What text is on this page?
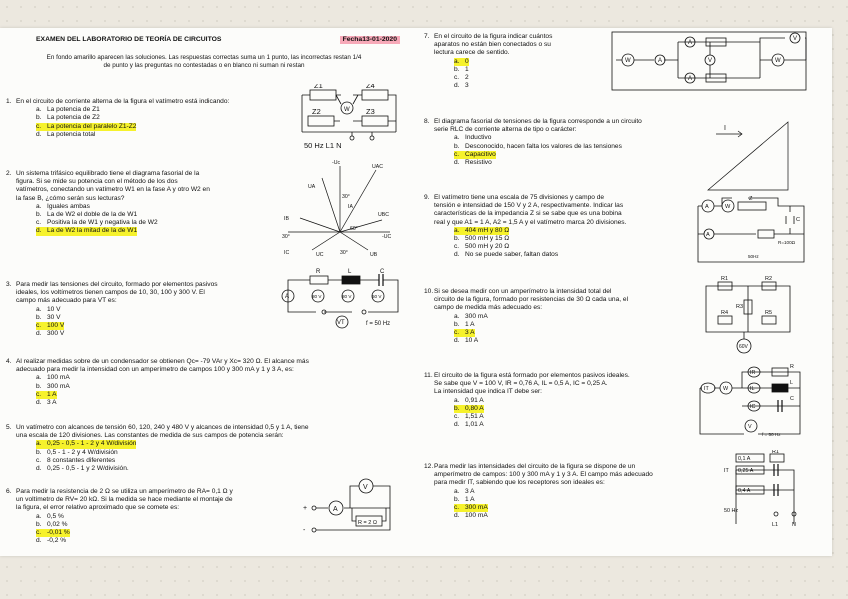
EXAMEN DEL LABORATORIO DE TEORÍA DE CIRCUITOS	Fecha13-01-2020
En fondo amarillo aparecen las soluciones. Las respuestas correctas suma un 1 punto, las incorrectas restan 1/4
de punto y las preguntas no contestadas o en blanco ni suman ni restan
1. En el circuito de corriente alterna de la figura el vatímetro está indicando:
a. La potencia de Z1
b. La potencia de Z2
c. La potencia del paralelo Z1-Z2

d. La potencia total
2. Un sistema trifásico equilibrado tiene el diagrama fasorial de la
figura. Si se mide su potencia con el método de los dos
vatímetros, conectando un vatímetro W1 en la fase A y otro W2 en
la fase B, ¿cómo serán sus lecturas?
a. Iguales ambas
b. La de W2 el doble de la de W1
c. Positiva la de W1 y negativa la de W2
d. La de W2 la mitad de la de W1

3. Para medir las tensiones del circuito, formado por elementos pasivos
ideales, los voltímetros tienen campos de 10, 30, 100 y 300 V. El
campo más adecuado para VT es:
a. 10 V
b. 30 V
c. 100 V

d. 300 V
4. Al realizar medidas sobre de un condensador se obtienen Qc= -79 VAr y Xc= 320 Ω. El alcance más
adecuado para medir la intensidad con un amperímetro de campos 100 y 300 mA y 1 y 3 A, es:
a. 100 mA
b. 300 mA
c. 1 A

d. 3 A
5. Un vatímetro con alcances de tensión 60, 120, 240 y 480 V y alcances de intensidad 0,5 y 1 A, tiene
una escala de 120 divisiones. Las constantes de medida de sus campos de potencia serán:
a. 0,25 - 0,5 - 1 - 2 y 4 W/división

b. 0,5 - 1 - 2 y 4 W/división
c. 8 constantes diferentes
d. 0,25 - 0,5 - 1 y 2 W/división.
6. Para medir la resistencia de 2 Ω se utiliza un amperímetro de RA= 0,1 Ω y
un voltímetro de RV= 20 kΩ. Si la medida se hace mediante el montaje de
la figura, el error relativo aproximado que se comete es:
a. 0,5 %
b. 0,02 %
c. -0,01 %

d. -0,2 %
7. En el circuito de la figura indicar cuántos
aparatos no están bien conectados o su
lectura carece de sentido.
a. 0

b. 1
c. 2
d. 3
8. El diagrama fasorial de tensiones de la figura corresponde a un circuito
serie RLC de corriente alterna de tipo o carácter:
a. Inductivo
b. Desconocido, hacen falta los valores de las tensiones
c. Capacitivo

d. Resistivo
9. El vatímetro tiene una escala de 75 divisiones y campo de
tensión e intensidad de 150 V y 2 A, respectivamente. Indicar las
características de la impedancia Z si se sabe que es una bobina
real y que A1 = 1 A, A2 = 1,5 A y el vatímetro marca 20 divisiones.
a. 404 mH y 80 Ω

b. 500 mH y 15 Ω
c. 500 mH y 20 Ω
d. No se puede saber, faltan datos
10. Si se desea medir con un amperímetro la intensidad total del
circuito de la figura, formado por resistencias de 30 Ω cada una, el
campo de medida más adecuado es:
a. 300 mA
b. 1 A
c. 3 A

d. 10 A
11. El circuito de la figura está formado por elementos pasivos ideales.
Se sabe que V = 100 V, IR = 0,76 A, IL = 0,5 A, IC = 0,25 A.
La intensidad que indica IT debe ser:
a. 0,91 A
b. 0,80 A

c. 1,51 A
d. 1,01 A
12. Para medir las intensidades del circuito de la figura se dispone de un
amperímetro de campos: 100 y 300 mA y 1 y 3 A. El campo más adecuado
para medir IT, sabiendo que los receptores son ideales es:
a. 3 A
b. 1 A
c. 300 mA

d. 100 mA
Z1	Z4
Z2	Z3
W
50 Hz L1 N
-Uc
UAC
UA
30°
IA
IB
30°
60°
UBC
-UC
IC	UC	30°	UB
R	L	C
A	80 V	80 V	50 V
VT	f = 50 Hz
+
-
A
V
R = 2 Ω
W	A
A
A
V	W
V
I
A	W
Z
C
A
R=100Ω
50Hz
R1	R2
R3
R4	R5
60V
IT	W
IR
IL
IC
R
L
C
V
f = 50 Hz
IT
0,1 A
R1
0,25 A
0,4 A
50 Hz
L1	N
